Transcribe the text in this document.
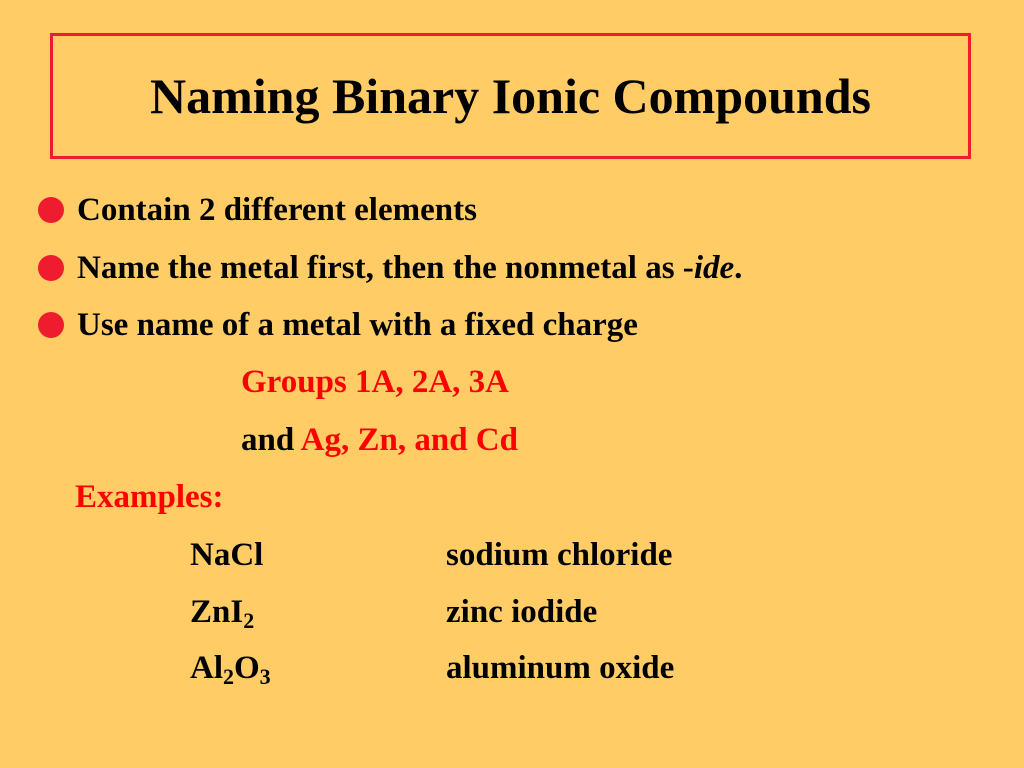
Naming Binary Ionic Compounds
Contain 2 different elements
Name the metal first, then the nonmetal as -ide.
Use name of a metal with a fixed charge
Groups 1A, 2A, 3A
and Ag, Zn, and Cd
Examples:
NaCl	sodium chloride
ZnI$_2$	zinc iodide
$Al_2O_3$	aluminum oxide
